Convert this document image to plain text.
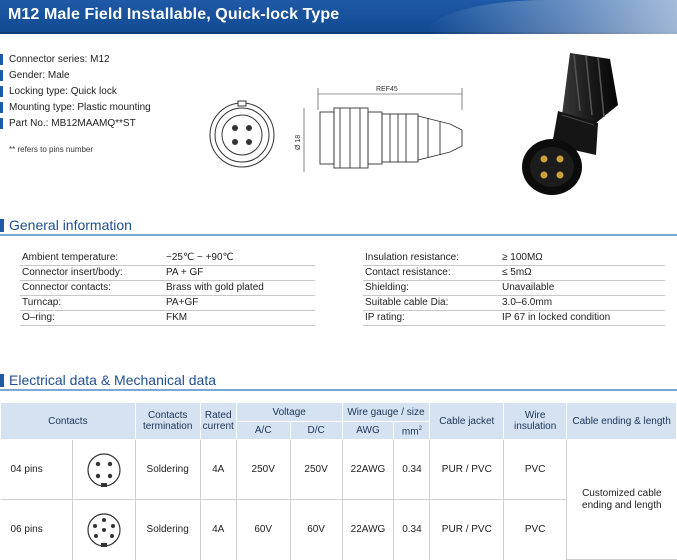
M12 Male Field Installable, Quick-lock Type
Connector series: M12
Gender: Male
Locking type: Quick lock
Mounting type: Plastic mounting
Part No.: MB12MAAMQ**ST
** refers to pins number
REF45
Ø 18
General information
Ambient temperature:	−25℃ ~ +90℃
Connector insert/body:	PA + GF
Connector contacts:	Brass with gold plated
Turncap:	PA+GF
O–ring:	FKM
Insulation resistance:	≥ 100MΩ
Contact resistance:	≤ 5mΩ
Shielding:	Unavailable
Suitable cable Dia:	3.0–6.0mm
IP rating:	IP 67 in locked condition
Electrical data & Mechanical data
Contacts		Contacts termination	Rated current	Voltage		Wire gauge / size		Cable jacket	Wire insulation	Cable ending & length
				A/C	D/C	AWG	$mm^2$
04 pins		Soldering	4A	250V	250V	22AWG	0.34	PUR / PVC	PVC	Customized cable ending and length
06 pins		Soldering	4A	60V	60V	22AWG	0.34	PUR / PVC	PVC	
